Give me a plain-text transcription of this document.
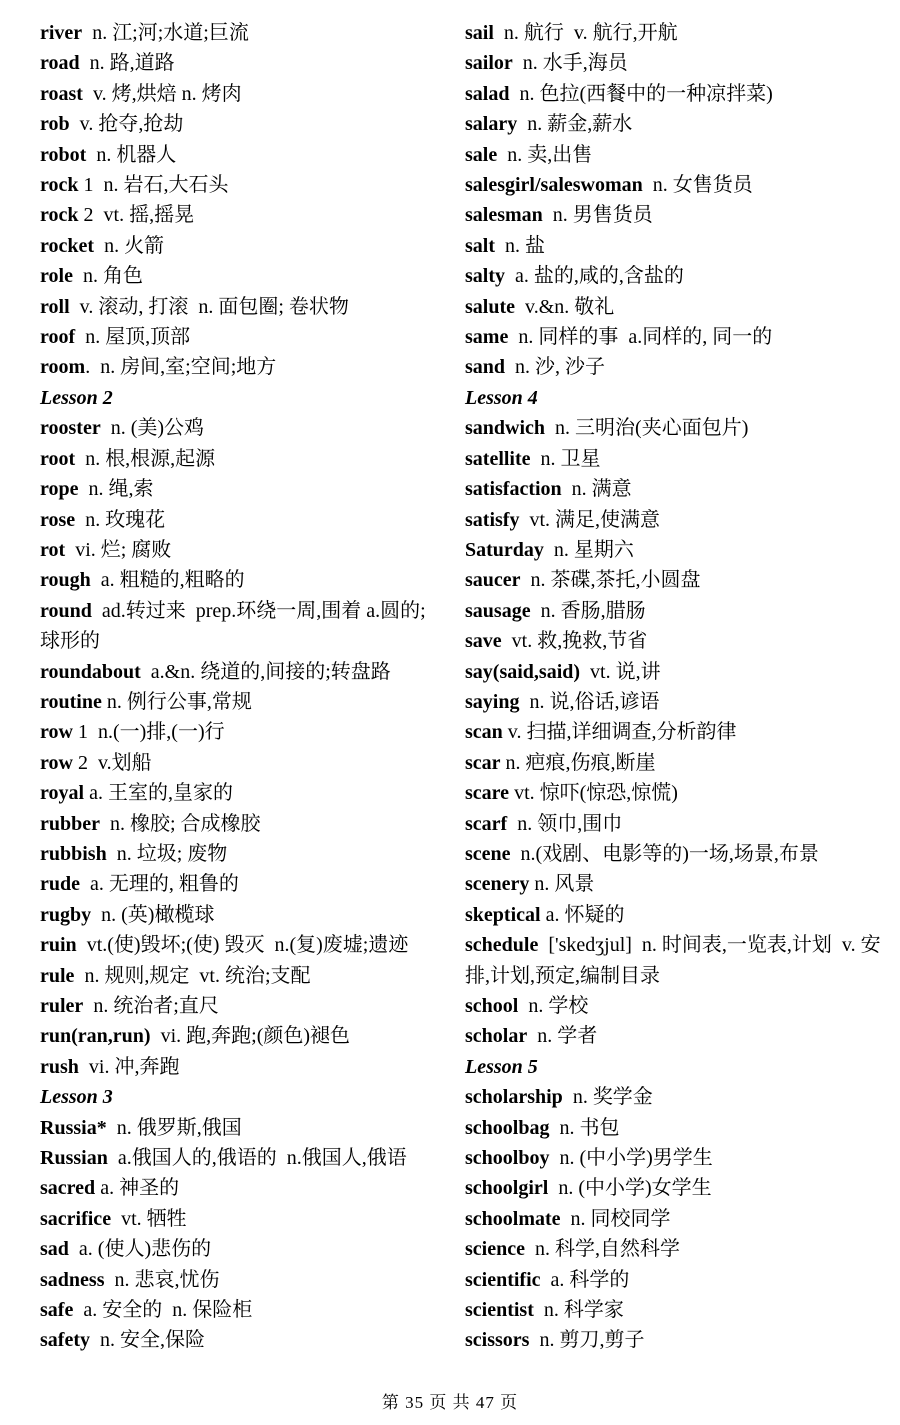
river  n. 江;河;水道;巨流
road  n. 路,道路
roast  v. 烤,烘焙 n. 烤肉
rob  v. 抢夺,抢劫
robot  n. 机器人
rock 1  n. 岩石,大石头
rock 2  vt. 摇,摇晃
rocket  n. 火箭
role  n. 角色
roll  v. 滚动, 打滚  n. 面包圈; 卷状物
roof  n. 屋顶,顶部
room.  n. 房间,室;空间;地方
Lesson 2
rooster  n. (美)公鸡
root  n. 根,根源,起源
rope  n. 绳,索
rose  n. 玫瑰花
rot  vi. 烂; 腐败
rough  a. 粗糙的,粗略的
round  ad.转过来  prep.环绕一周,围着 a.圆的;球形的
roundabout  a.&n. 绕道的,间接的;转盘路
routine n. 例行公事,常规
row 1  n.(一)排,(一)行
row 2  v.划船
royal a. 王室的,皇家的
rubber  n. 橡胶; 合成橡胶
rubbish  n. 垃圾; 废物
rude  a. 无理的, 粗鲁的
rugby  n. (英)橄榄球
ruin  vt.(使)毁坏;(使) 毁灭  n.(复)废墟;遗迹
rule  n. 规则,规定  vt. 统治;支配
ruler  n. 统治者;直尺
run(ran,run)  vi. 跑,奔跑;(颜色)褪色
rush  vi. 冲,奔跑
Lesson 3
Russia*  n. 俄罗斯,俄国
Russian  a.俄国人的,俄语的  n.俄国人,俄语
sacred a. 神圣的
sacrifice  vt. 牺牲
sad  a. (使人)悲伤的
sadness  n. 悲哀,忧伤
safe  a. 安全的  n. 保险柜
safety  n. 安全,保险
sail  n. 航行  v. 航行,开航
sailor  n. 水手,海员
salad  n. 色拉(西餐中的一种凉拌菜)
salary  n. 薪金,薪水
sale  n. 卖,出售
salesgirl/saleswoman  n. 女售货员
salesman  n. 男售货员
salt  n. 盐
salty  a. 盐的,咸的,含盐的
salute  v.&n. 敬礼
same  n. 同样的事  a.同样的, 同一的
sand  n. 沙, 沙子
Lesson 4
sandwich  n. 三明治(夹心面包片)
satellite  n. 卫星
satisfaction  n. 满意
satisfy  vt. 满足,使满意
Saturday  n. 星期六
saucer  n. 茶碟,茶托,小圆盘
sausage  n. 香肠,腊肠
save  vt. 救,挽救,节省
say(said,said)  vt. 说,讲
saying  n. 说,俗话,谚语
scan v. 扫描,详细调查,分析韵律
scar n. 疤痕,伤痕,断崖
scare vt. 惊吓(惊恐,惊慌)
scarf  n. 领巾,围巾
scene  n.(戏剧、电影等的)一场,场景,布景
scenery n. 风景
skeptical a. 怀疑的
schedule  ['skedʒjul]  n. 时间表,一览表,计划  v. 安排,计划,预定,编制目录
school  n. 学校
scholar  n. 学者
Lesson 5
scholarship  n. 奖学金
schoolbag  n. 书包
schoolboy  n. (中小学)男学生
schoolgirl  n. (中小学)女学生
schoolmate  n. 同校同学
science  n. 科学,自然科学
scientific  a. 科学的
scientist  n. 科学家
scissors  n. 剪刀,剪子
第 35 页 共 47 页
